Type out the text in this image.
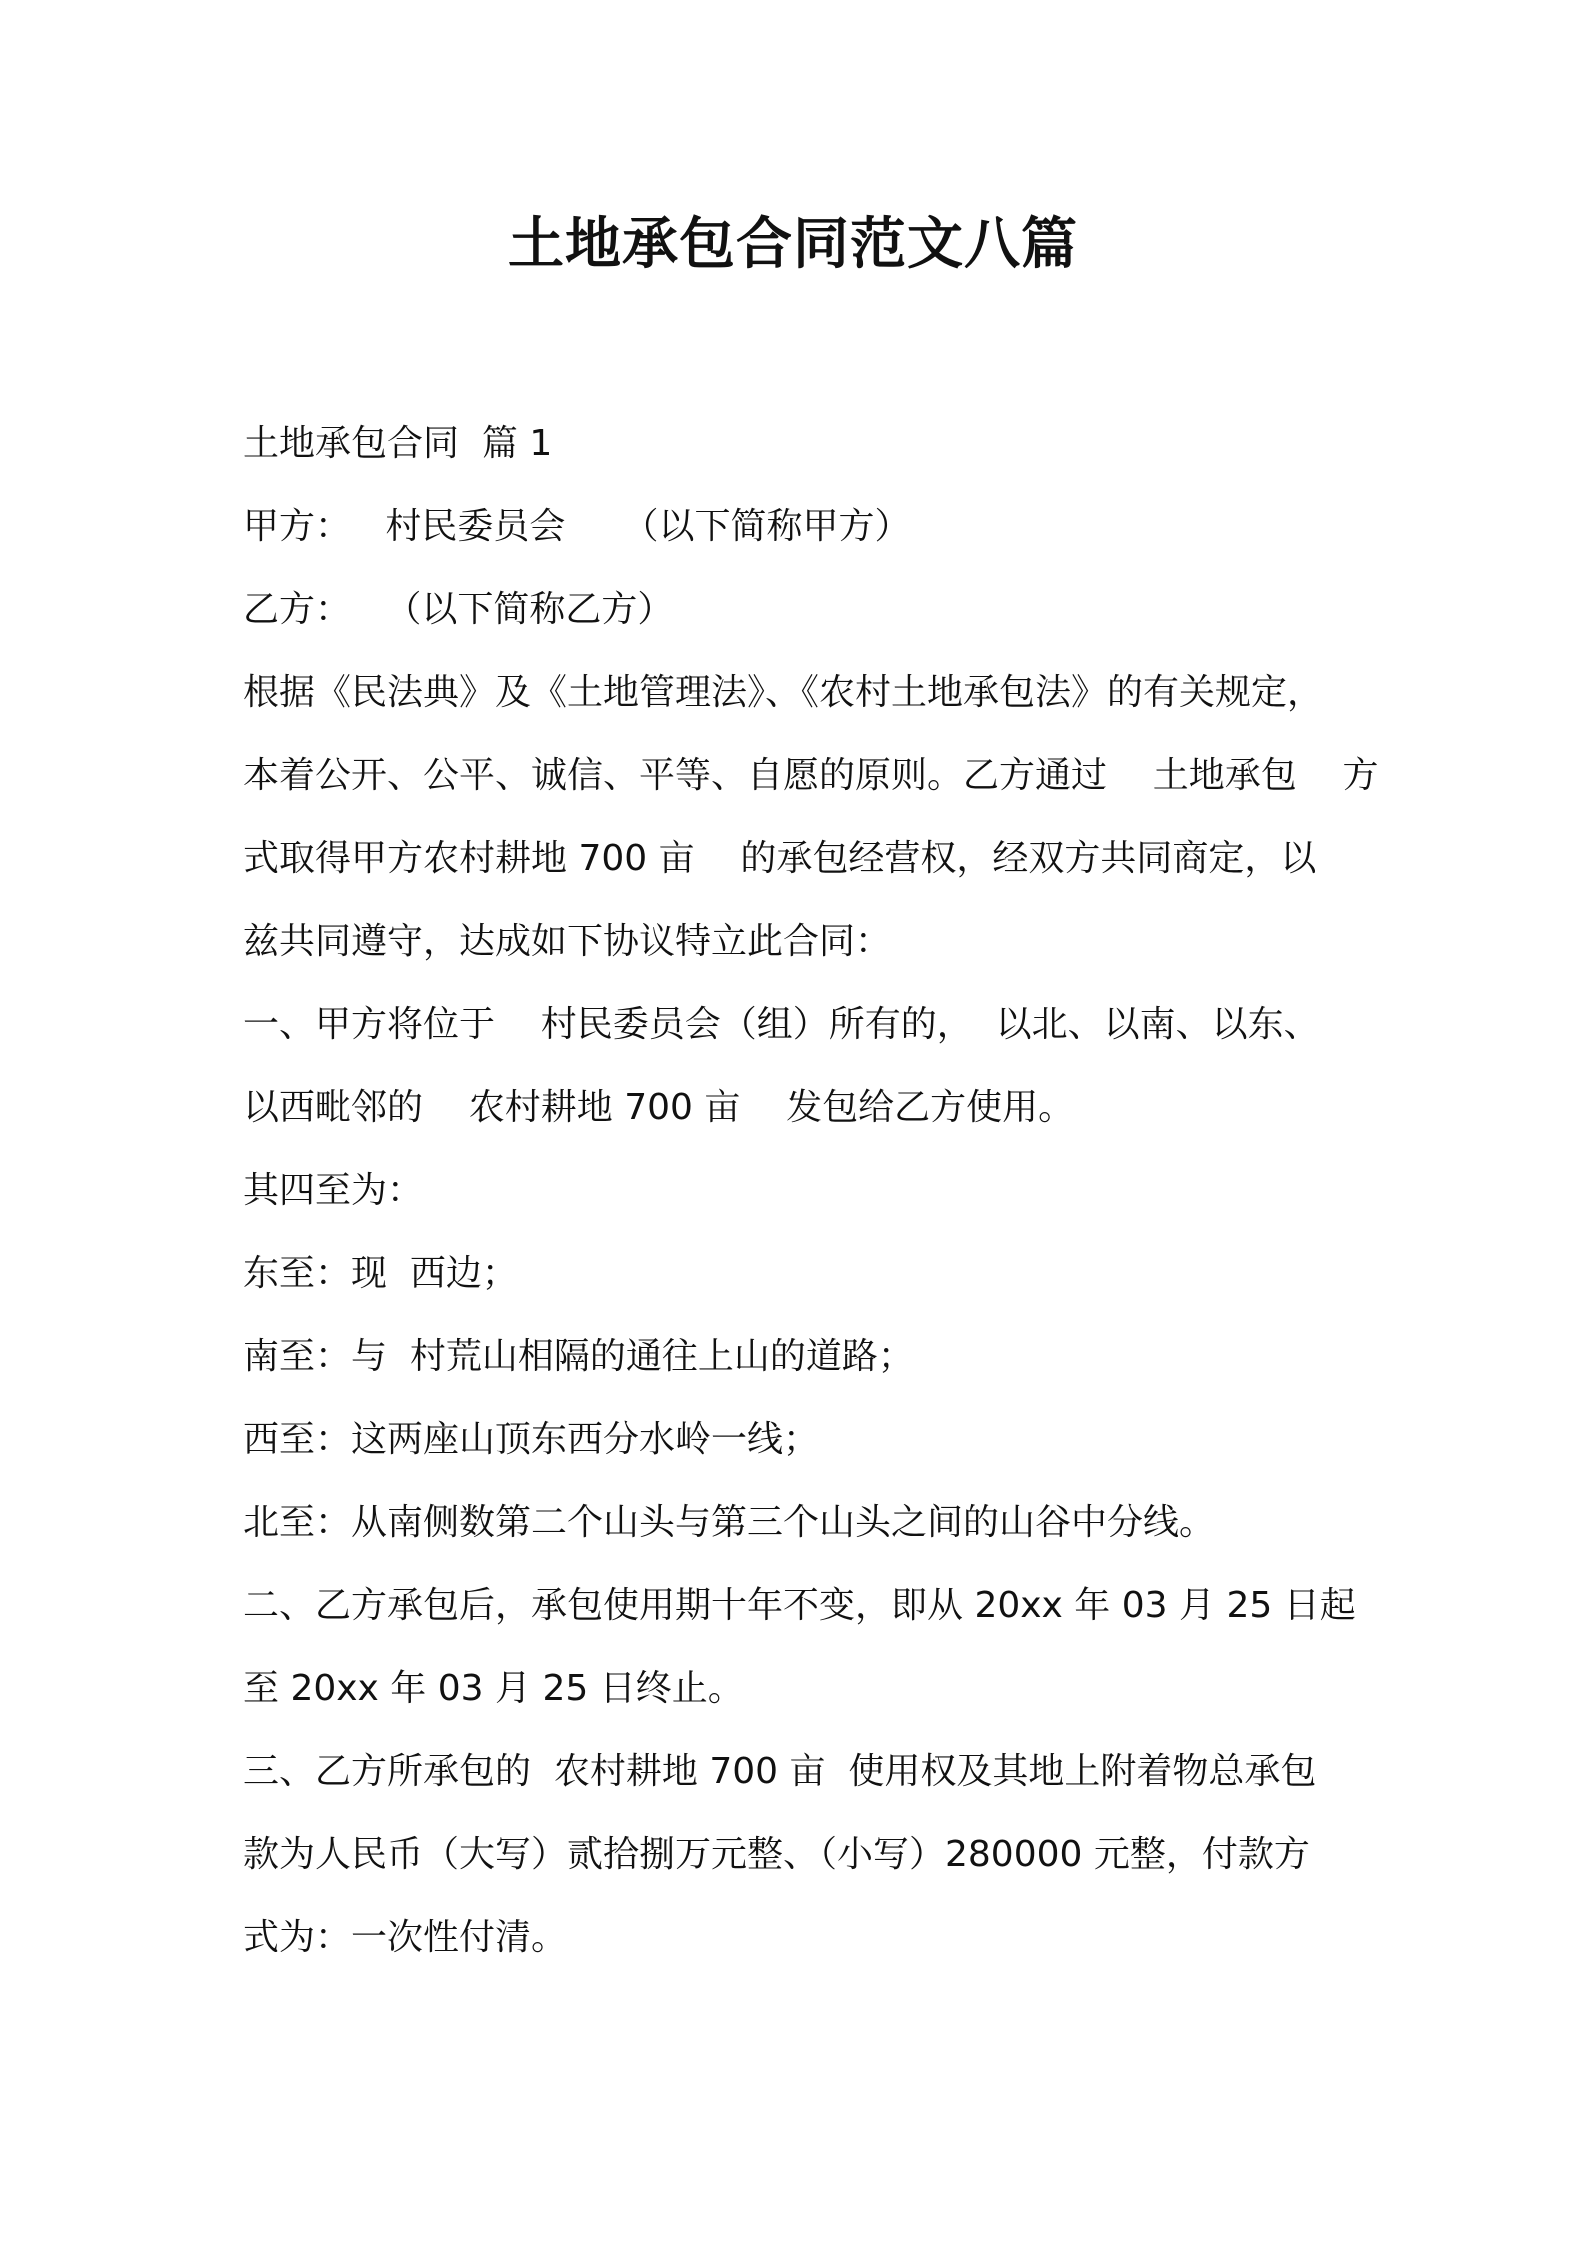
土地承包合同范文八篇
土地承包合同  篇 1
甲方：   村民委员会     （以下简称甲方）
乙方：   （以下简称乙方）
根据《民法典》及《土地管理法》、《农村土地承包法》的有关规定，
本着公开、公平、诚信、平等、自愿的原则。乙方通过    土地承包    方
式取得甲方农村耕地 700 亩    的承包经营权，经双方共同商定，以
兹共同遵守，达成如下协议特立此合同：
一、甲方将位于    村民委员会（组）所有的，  以北、以南、以东、
以西毗邻的    农村耕地 700 亩    发包给乙方使用。
其四至为：
东至：现  西边；
南至：与  村荒山相隔的通往上山的道路；
西至：这两座山顶东西分水岭一线；
北至：从南侧数第二个山头与第三个山头之间的山谷中分线。
二、乙方承包后，承包使用期十年不变，即从 20xx 年 03 月 25 日起
至 20xx 年 03 月 25 日终止。
三、乙方所承包的  农村耕地 700 亩  使用权及其地上附着物总承包
款为人民币（大写）贰拾捌万元整、（小写）280000 元整，付款方
式为：一次性付清。
